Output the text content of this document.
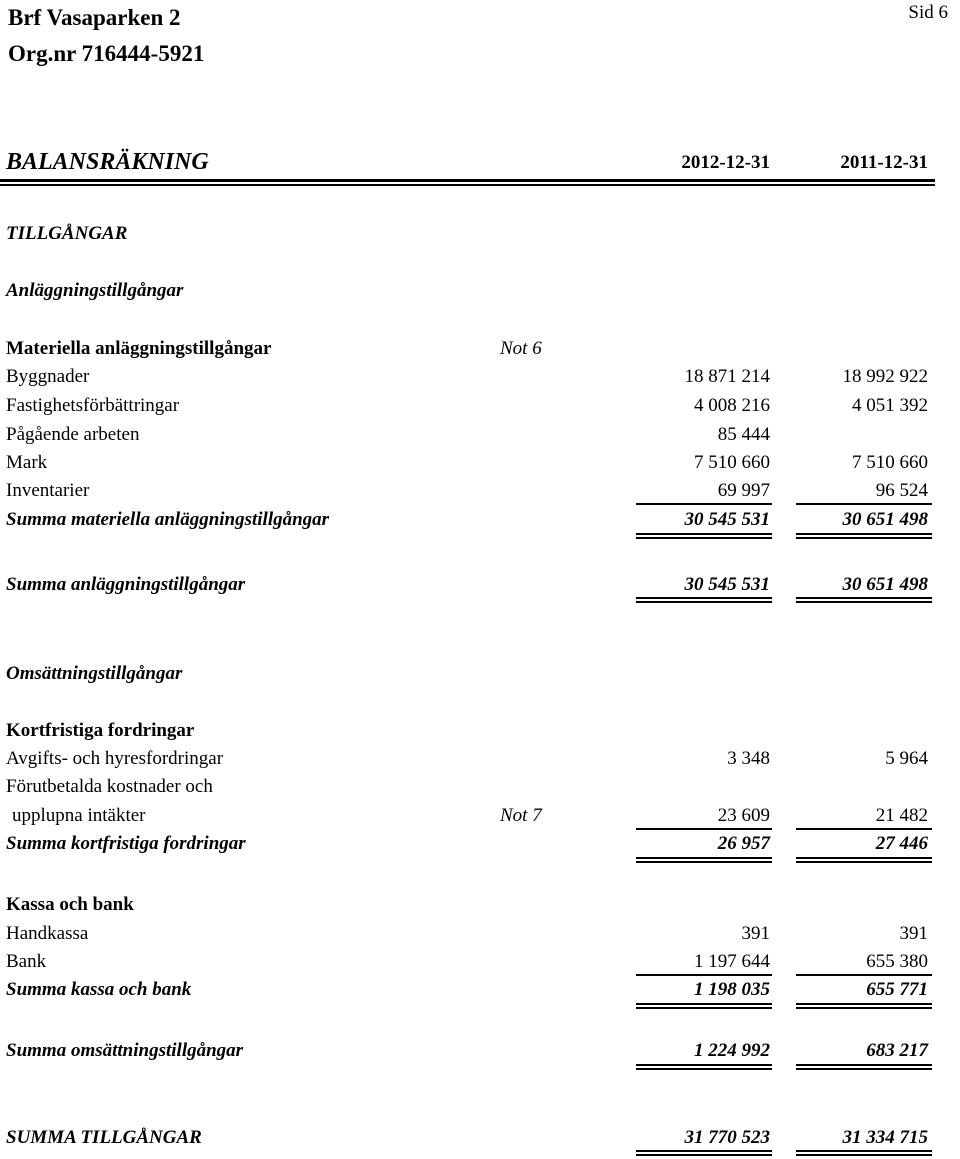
Brf Vasaparken 2
Org.nr 716444-5921
Sid 6
BALANSRÄKNING	2012-12-31	2011-12-31
TILLGÅNGAR
Anläggningstillgångar
Materiella anläggningstillgångar	Not 6
Byggnader	18 871 214	18 992 922
Fastighetsförbättringar	4 008 216	4 051 392
Pågående arbeten	85 444
Mark	7 510 660	7 510 660
Inventarier	69 997	96 524
Summa materiella anläggningstillgångar	30 545 531	30 651 498
Summa anläggningstillgångar	30 545 531	30 651 498
Omsättningstillgångar
Kortfristiga fordringar
Avgifts- och hyresfordringar	3 348	5 964
Förutbetalda kostnader och
upplupna intäkter	Not 7	23 609	21 482
Summa kortfristiga fordringar	26 957	27 446
Kassa och bank
Handkassa	391	391
Bank	1 197 644	655 380
Summa kassa och bank	1 198 035	655 771
Summa omsättningstillgångar	1 224 992	683 217
SUMMA TILLGÅNGAR	31 770 523	31 334 715
